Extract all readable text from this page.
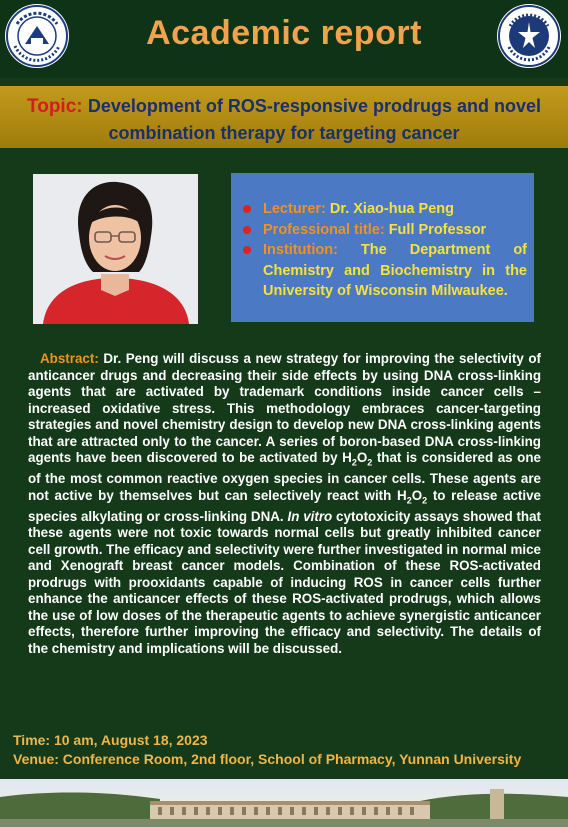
Academic report
Topic: Development of ROS-responsive prodrugs and novel
combination therapy for targeting cancer
Lecturer: Dr. Xiao-hua Peng
Professional title: Full Professor
Institution: The Department of Chemistry and Biochemistry in the University of Wisconsin Milwaukee.

Abstract: Dr. Peng will discuss a new strategy for improving the selectivity of anticancer drugs and decreasing their side effects by using DNA cross-linking agents that are activated by trademark conditions inside cancer cells – increased oxidative stress. This methodology embraces cancer-targeting strategies and novel chemistry design to develop new DNA cross-linking agents that are attracted only to the cancer. A series of boron-based DNA cross-linking agents have been discovered to be activated by $H_2O_2$ that is considered as one of the most common reactive oxygen species in cancer cells. These agents are not active by themselves but can selectively react with $H_2O_2$ to release active species alkylating or cross-linking DNA. In vitro cytotoxicity assays showed that these agents were not toxic towards normal cells but greatly inhibited cancer cell growth. The efficacy and selectivity were further investigated in normal mice and Xenograft breast cancer models. Combination of these ROS-activated prodrugs with prooxidants capable of inducing ROS in cancer cells further enhance the anticancer effects of these ROS-activated prodrugs, which allows the use of low doses of the therapeutic agents to achieve synergistic anticancer effects, therefore further improving the efficacy and selectivity. The details of the chemistry and implications will be discussed.

Time: 10 am, August 18, 2023
Venue: Conference Room, 2nd floor, School of Pharmacy, Yunnan University
